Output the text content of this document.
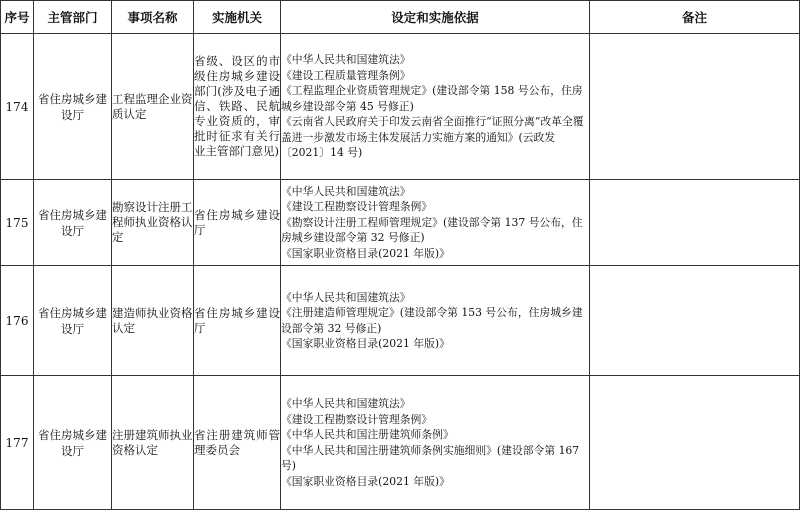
序号	主管部门	事项名称	实施机关	设定和实施依据	备注
174	省住房城乡建设厅	工程监理企业资质认定	省级、设区的市级住房城乡建设部门(涉及电子通信、铁路、民航专业资质的，审批时征求有关行业主管部门意见)	《中华人民共和国建筑法》
《建设工程质量管理条例》
《工程监理企业资质管理规定》(建设部令第 158 号公布，住房城乡建设部令第 45 号修正)
《云南省人民政府关于印发云南省全面推行“证照分离”改革全覆盖进一步激发市场主体发展活力实施方案的通知》(云政发〔2021〕14 号)	

175	省住房城乡建设厅	勘察设计注册工程师执业资格认定	省住房城乡建设厅	《中华人民共和国建筑法》
《建设工程勘察设计管理条例》
《勘察设计注册工程师管理规定》(建设部令第 137 号公布，住房城乡建设部令第 32 号修正)
《国家职业资格目录(2021 年版)》	

176	省住房城乡建设厅	建造师执业资格认定	省住房城乡建设厅	《中华人民共和国建筑法》
《注册建造师管理规定》(建设部令第 153 号公布，住房城乡建设部令第 32 号修正)
《国家职业资格目录(2021 年版)》	

177	省住房城乡建设厅	注册建筑师执业资格认定	省注册建筑师管理委员会	《中华人民共和国建筑法》
《建设工程勘察设计管理条例》
《中华人民共和国注册建筑师条例》
《中华人民共和国注册建筑师条例实施细则》(建设部令第 167 号)
《国家职业资格目录(2021 年版)》	
